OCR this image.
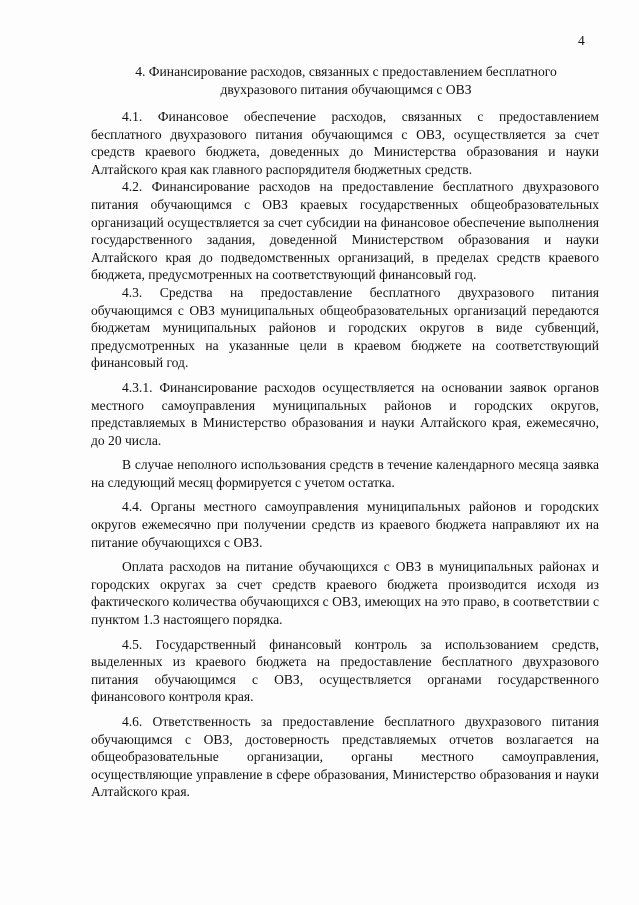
4
4. Финансирование расходов, связанных с предоставлением бесплатного двухразового питания обучающимся с ОВЗ

4.1. Финансовое обеспечение расходов, связанных с предоставлением бесплатного двухразового питания обучающимся с ОВЗ, осуществляется за счет средств краевого бюджета, доведенных до Министерства образования и науки Алтайского края как главного распорядителя бюджетных средств.

4.2. Финансирование расходов на предоставление бесплатного двухразового питания обучающимся с ОВЗ краевых государственных общеобразовательных организаций осуществляется за счет субсидии на финансовое обеспечение выполнения государственного задания, доведенной Министерством образования и науки Алтайского края до подведомственных организаций, в пределах средств краевого бюджета, предусмотренных на соответствующий финансовый год.

4.3. Средства на предоставление бесплатного двухразового питания обучающимся с ОВЗ муниципальных общеобразовательных организаций передаются бюджетам муниципальных районов и городских округов в виде субвенций, предусмотренных на указанные цели в краевом бюджете на соответствующий финансовый год.

4.3.1. Финансирование расходов осуществляется на основании заявок органов местного самоуправления муниципальных районов и городских округов, представляемых в Министерство образования и науки Алтайского края, ежемесячно, до 20 числа.

В случае неполного использования средств в течение календарного месяца заявка на следующий месяц формируется с учетом остатка.

4.4. Органы местного самоуправления муниципальных районов и городских округов ежемесячно при получении средств из краевого бюджета направляют их на питание обучающихся с ОВЗ.

Оплата расходов на питание обучающихся с ОВЗ в муниципальных районах и городских округах за счет средств краевого бюджета производится исходя из фактического количества обучающихся с ОВЗ, имеющих на это право, в соответствии с пунктом 1.3 настоящего порядка.

4.5. Государственный финансовый контроль за использованием средств, выделенных из краевого бюджета на предоставление бесплатного двухразового питания обучающимся с ОВЗ, осуществляется органами государственного финансового контроля края.

4.6. Ответственность за предоставление бесплатного двухразового питания обучающимся с ОВЗ, достоверность представляемых отчетов возлагается на общеобразовательные организации, органы местного самоуправления, осуществляющие управление в сфере образования, Министерство образования и науки Алтайского края.
